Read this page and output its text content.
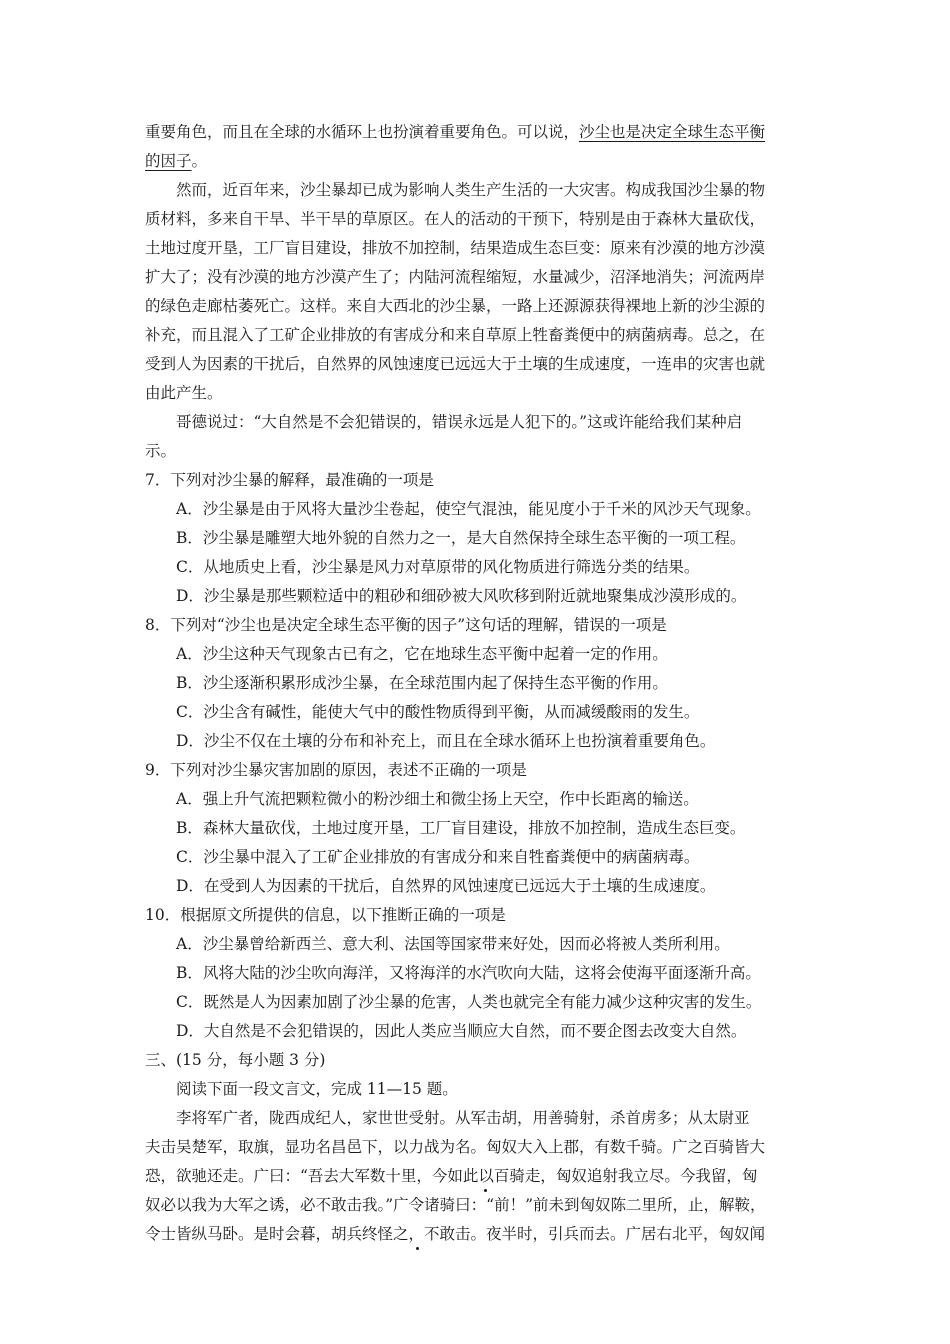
重要角色，而且在全球的水循环上也扮演着重要角色。可以说，沙尘也是决定全球生态平衡
的因子。
然而，近百年来，沙尘暴却已成为影响人类生产生活的一大灾害。构成我国沙尘暴的物
质材料，多来自干旱、半干旱的草原区。在人的活动的干预下，特别是由于森林大量砍伐，
土地过度开垦，工厂盲目建设，排放不加控制，结果造成生态巨变：原来有沙漠的地方沙漠
扩大了；没有沙漠的地方沙漠产生了；内陆河流程缩短，水量减少，沼泽地消失；河流两岸
的绿色走廊枯萎死亡。这样。来自大西北的沙尘暴，一路上还源源获得裸地上新的沙尘源的
补充，而且混入了工矿企业排放的有害成分和来自草原上牲畜粪便中的病菌病毒。总之，在
受到人为因素的干扰后，自然界的风蚀速度已远远大于土壤的生成速度，一连串的灾害也就
由此产生。
哥德说过：“大自然是不会犯错误的，错误永远是人犯下的。”这或许能给我们某种启
示。
7．下列对沙尘暴的解释，最准确的一项是
A．沙尘暴是由于风将大量沙尘卷起，使空气混浊，能见度小于千米的风沙天气现象。
B．沙尘暴是雕塑大地外貌的自然力之一，是大自然保持全球生态平衡的一项工程。
C．从地质史上看，沙尘暴是风力对草原带的风化物质进行筛选分类的结果。
D．沙尘暴是那些颗粒适中的粗砂和细砂被大风吹移到附近就地聚集成沙漠形成的。
8．下列对“沙尘也是决定全球生态平衡的因子”这句话的理解，错误的一项是
A．沙尘这种天气现象古已有之，它在地球生态平衡中起着一定的作用。
B．沙尘逐渐积累形成沙尘暴，在全球范围内起了保持生态平衡的作用。
C．沙尘含有碱性，能使大气中的酸性物质得到平衡，从而减缓酸雨的发生。
D．沙尘不仅在土壤的分布和补充上，而且在全球水循环上也扮演着重要角色。
9．下列对沙尘暴灾害加剧的原因，表述不正确的一项是
A．强上升气流把颗粒微小的粉沙细土和微尘扬上天空，作中长距离的输送。
B．森林大量砍伐，土地过度开垦，工厂盲目建设，排放不加控制，造成生态巨变。
C．沙尘暴中混入了工矿企业排放的有害成分和来自牲畜粪便中的病菌病毒。
D．在受到人为因素的干扰后，自然界的风蚀速度已远远大于土壤的生成速度。
10．根据原文所提供的信息，以下推断正确的一项是
A．沙尘暴曾给新西兰、意大利、法国等国家带来好处，因而必将被人类所利用。
B．风将大陆的沙尘吹向海洋，又将海洋的水汽吹向大陆，这将会使海平面逐渐升高。
C．既然是人为因素加剧了沙尘暴的危害，人类也就完全有能力减少这种灾害的发生。
D．大自然是不会犯错误的，因此人类应当顺应大自然，而不要企图去改变大自然。
三、(15 分，每小题 3 分)
阅读下面一段文言文，完成 11—15 题。
李将军广者，陇西成纪人，家世世受射。从军击胡，用善骑射，杀首虏多；从太尉亚
夫击吴楚军，取旗，显功名昌邑下，以力战为名。匈奴大入上郡，有数千骑。广之百骑皆大
恐，欲驰还走。广曰：“吾去大军数十里，今如此以百骑走，匈奴追射我立尽。今我留，匈
奴必以我为大军之诱，必不敢击我。”广令诸骑曰：“前！”前未到匈奴陈二里所，止，解鞍，
令士皆纵马卧。是时会暮，胡兵终怪之，不敢击。夜半时，引兵而去。广居右北平，匈奴闻
